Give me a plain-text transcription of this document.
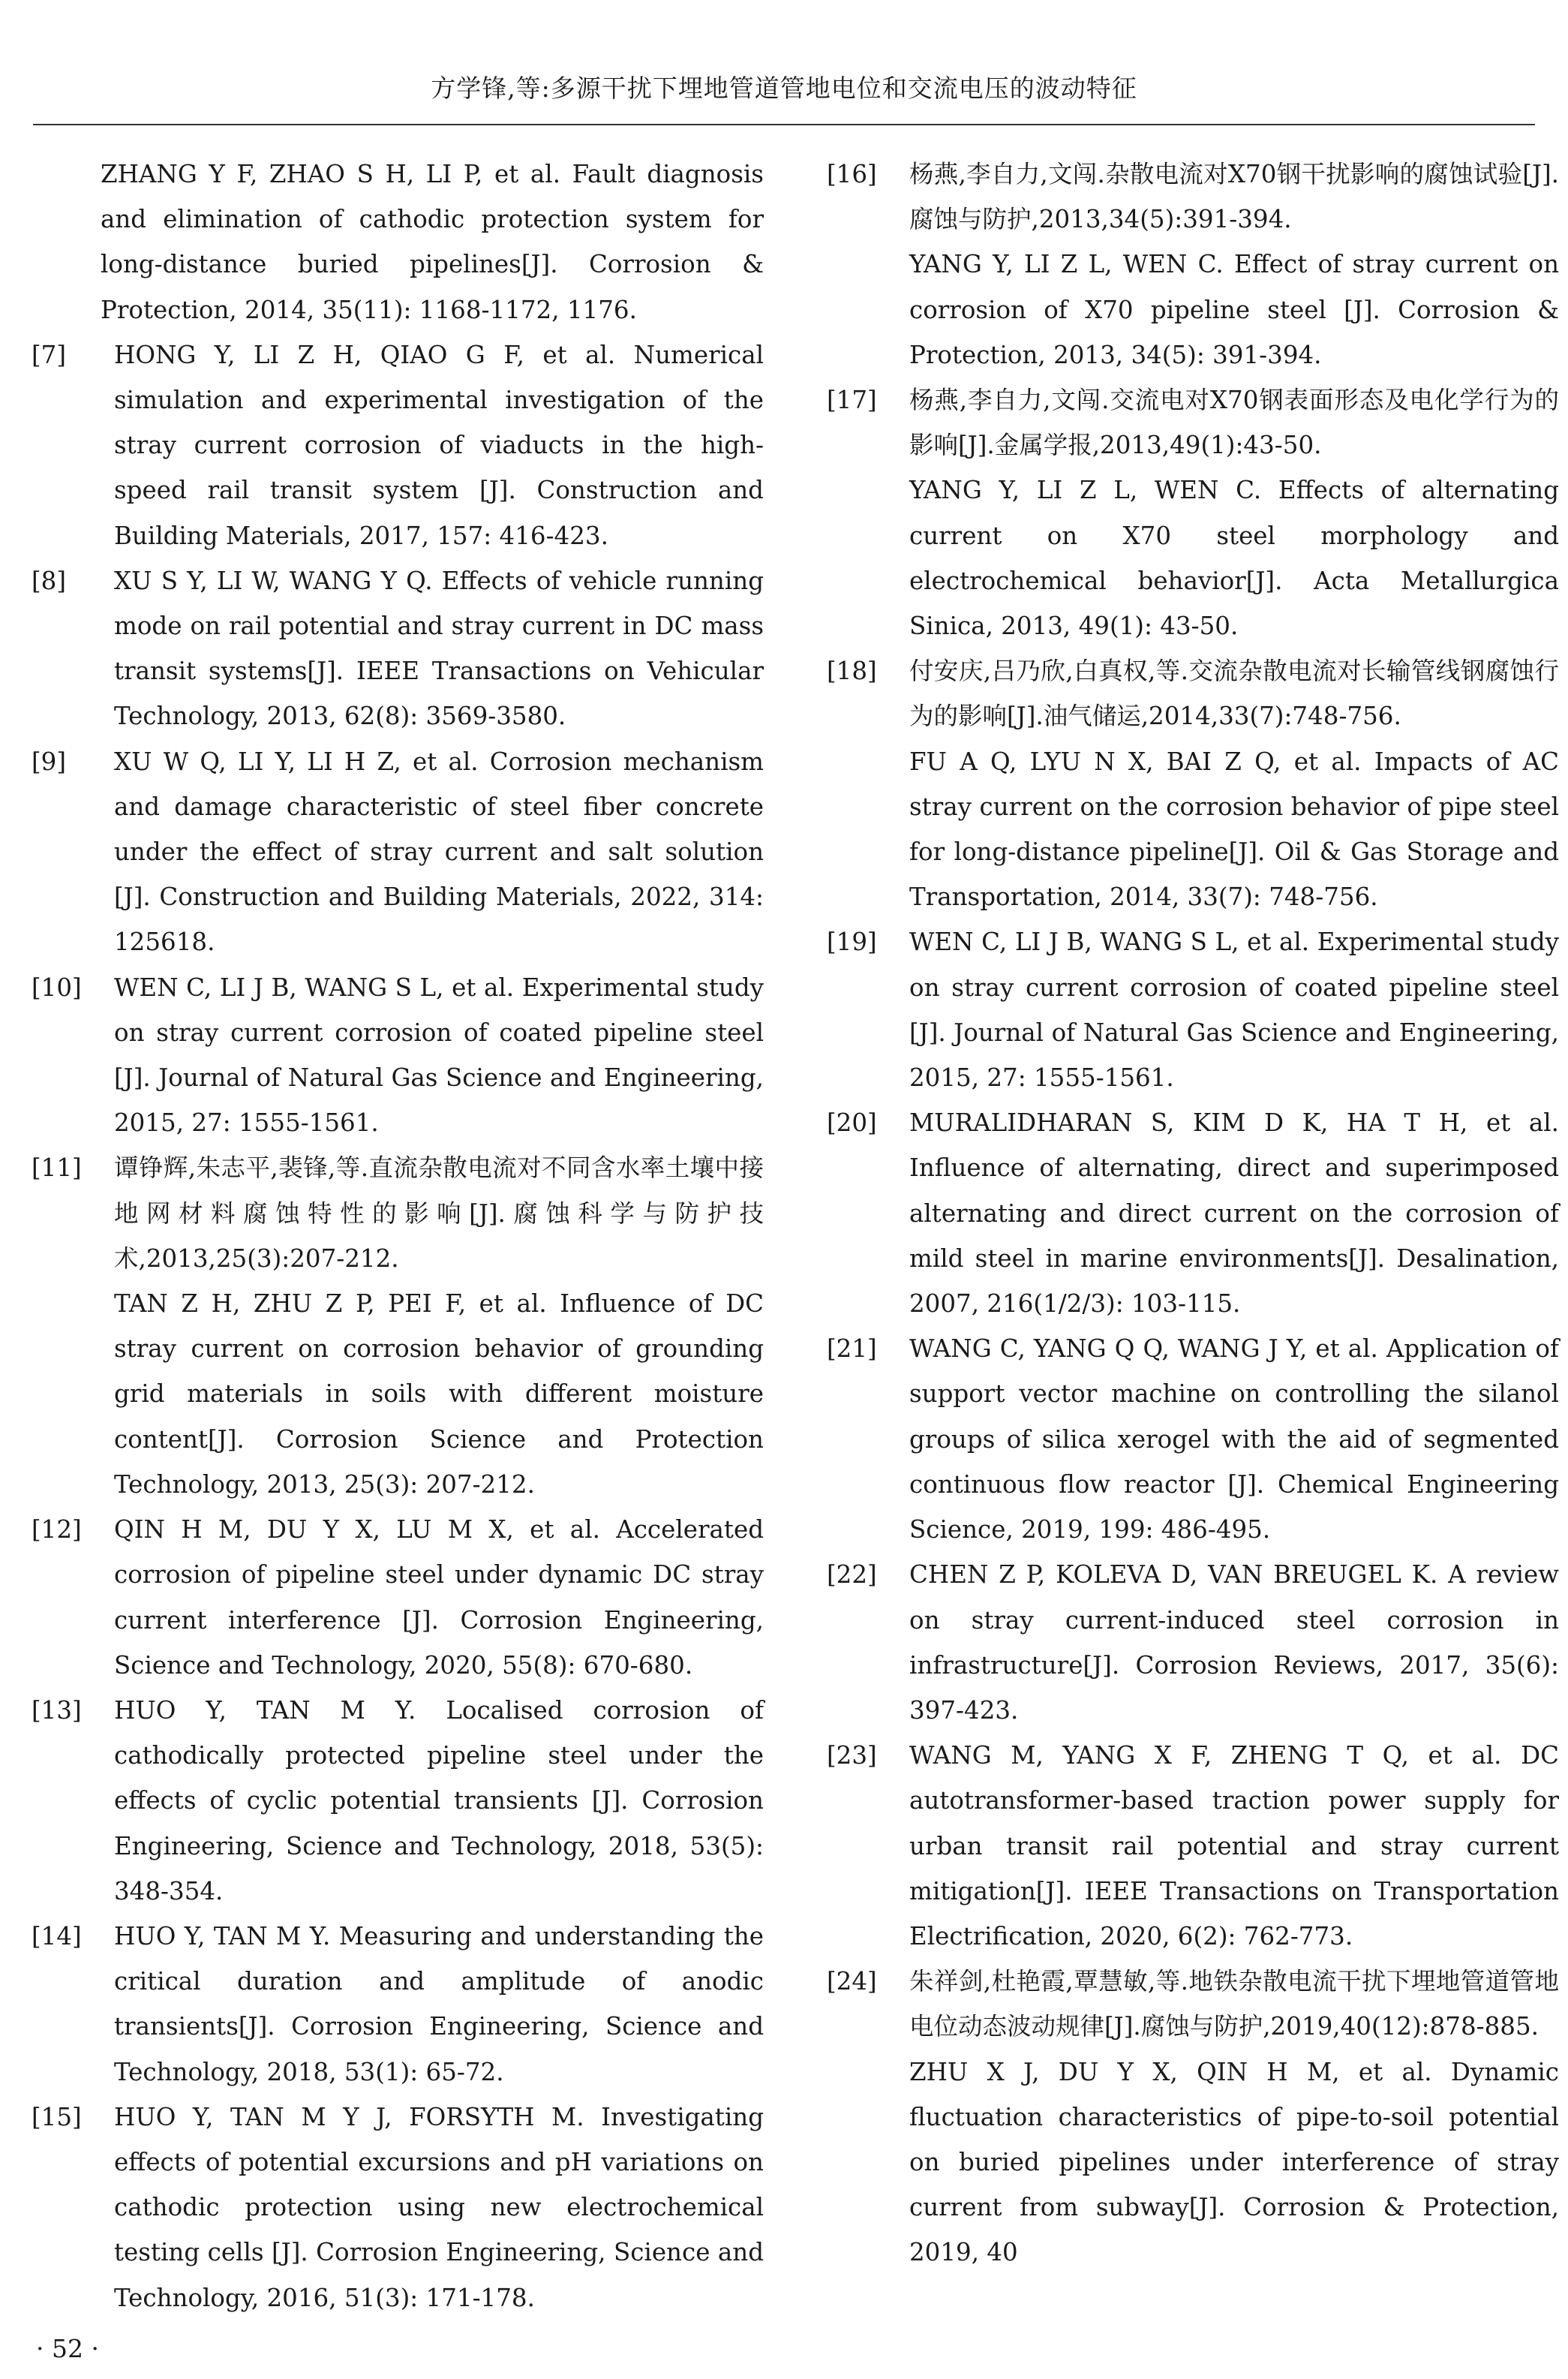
方学锋,等:多源干扰下埋地管道管地电位和交流电压的波动特征

ZHANG Y F, ZHAO S H, LI P, et al. Fault diagnosis and elimination of cathodic protection system for long-distance buried pipelines[J]. Corrosion & Protection, 2014, 35(11): 1168-1172, 1176.

[7] HONG Y, LI Z H, QIAO G F, et al. Numerical simulation and experimental investigation of the stray current corrosion of viaducts in the high-speed rail transit system [J]. Construction and Building Materials, 2017, 157: 416-423.

[8] XU S Y, LI W, WANG Y Q. Effects of vehicle running mode on rail potential and stray current in DC mass transit systems[J]. IEEE Transactions on Vehicular Technology, 2013, 62(8): 3569-3580.

[9] XU W Q, LI Y, LI H Z, et al. Corrosion mechanism and damage characteristic of steel fiber concrete under the effect of stray current and salt solution [J]. Construction and Building Materials, 2022, 314: 125618.

[10] WEN C, LI J B, WANG S L, et al. Experimental study on stray current corrosion of coated pipeline steel [J]. Journal of Natural Gas Science and Engineering, 2015, 27: 1555-1561.

[11] 谭铮辉,朱志平,裴锋,等.直流杂散电流对不同含水率土壤中接地网材料腐蚀特性的影响[J].腐蚀科学与防护技术,2013,25(3):207-212.

TAN Z H, ZHU Z P, PEI F, et al. Influence of DC stray current on corrosion behavior of grounding grid materials in soils with different moisture content[J]. Corrosion Science and Protection Technology, 2013, 25(3): 207-212.

[12] QIN H M, DU Y X, LU M X, et al. Accelerated corrosion of pipeline steel under dynamic DC stray current interference [J]. Corrosion Engineering, Science and Technology, 2020, 55(8): 670-680.

[13] HUO Y, TAN M Y. Localised corrosion of cathodically protected pipeline steel under the effects of cyclic potential transients [J]. Corrosion Engineering, Science and Technology, 2018, 53(5): 348-354.

[14] HUO Y, TAN M Y. Measuring and understanding the critical duration and amplitude of anodic transients[J]. Corrosion Engineering, Science and Technology, 2018, 53(1): 65-72.

[15] HUO Y, TAN M Y J, FORSYTH M. Investigating effects of potential excursions and pH variations on cathodic protection using new electrochemical testing cells [J]. Corrosion Engineering, Science and Technology, 2016, 51(3): 171-178.

[16] 杨燕,李自力,文闯.杂散电流对X70钢干扰影响的腐蚀试验[J].腐蚀与防护,2013,34(5):391-394.

YANG Y, LI Z L, WEN C. Effect of stray current on corrosion of X70 pipeline steel [J]. Corrosion & Protection, 2013, 34(5): 391-394.

[17] 杨燕,李自力,文闯.交流电对X70钢表面形态及电化学行为的影响[J].金属学报,2013,49(1):43-50.

YANG Y, LI Z L, WEN C. Effects of alternating current on X70 steel morphology and electrochemical behavior[J]. Acta Metallurgica Sinica, 2013, 49(1): 43-50.

[18] 付安庆,吕乃欣,白真权,等.交流杂散电流对长输管线钢腐蚀行为的影响[J].油气储运,2014,33(7):748-756.

FU A Q, LYU N X, BAI Z Q, et al. Impacts of AC stray current on the corrosion behavior of pipe steel for long-distance pipeline[J]. Oil & Gas Storage and Transportation, 2014, 33(7): 748-756.

[19] WEN C, LI J B, WANG S L, et al. Experimental study on stray current corrosion of coated pipeline steel [J]. Journal of Natural Gas Science and Engineering, 2015, 27: 1555-1561.

[20] MURALIDHARAN S, KIM D K, HA T H, et al. Influence of alternating, direct and superimposed alternating and direct current on the corrosion of mild steel in marine environments[J]. Desalination, 2007, 216(1/2/3): 103-115.

[21] WANG C, YANG Q Q, WANG J Y, et al. Application of support vector machine on controlling the silanol groups of silica xerogel with the aid of segmented continuous flow reactor [J]. Chemical Engineering Science, 2019, 199: 486-495.

[22] CHEN Z P, KOLEVA D, VAN BREUGEL K. A review on stray current-induced steel corrosion in infrastructure[J]. Corrosion Reviews, 2017, 35(6): 397-423.

[23] WANG M, YANG X F, ZHENG T Q, et al. DC autotransformer-based traction power supply for urban transit rail potential and stray current mitigation[J]. IEEE Transactions on Transportation Electrification, 2020, 6(2): 762-773.

[24] 朱祥剑,杜艳霞,覃慧敏,等.地铁杂散电流干扰下埋地管道管地电位动态波动规律[J].腐蚀与防护,2019,40(12):878-885.

ZHU X J, DU Y X, QIN H M, et al. Dynamic fluctuation characteristics of pipe-to-soil potential on buried pipelines under interference of stray current from subway[J]. Corrosion & Protection, 2019, 40

· 52 ·
